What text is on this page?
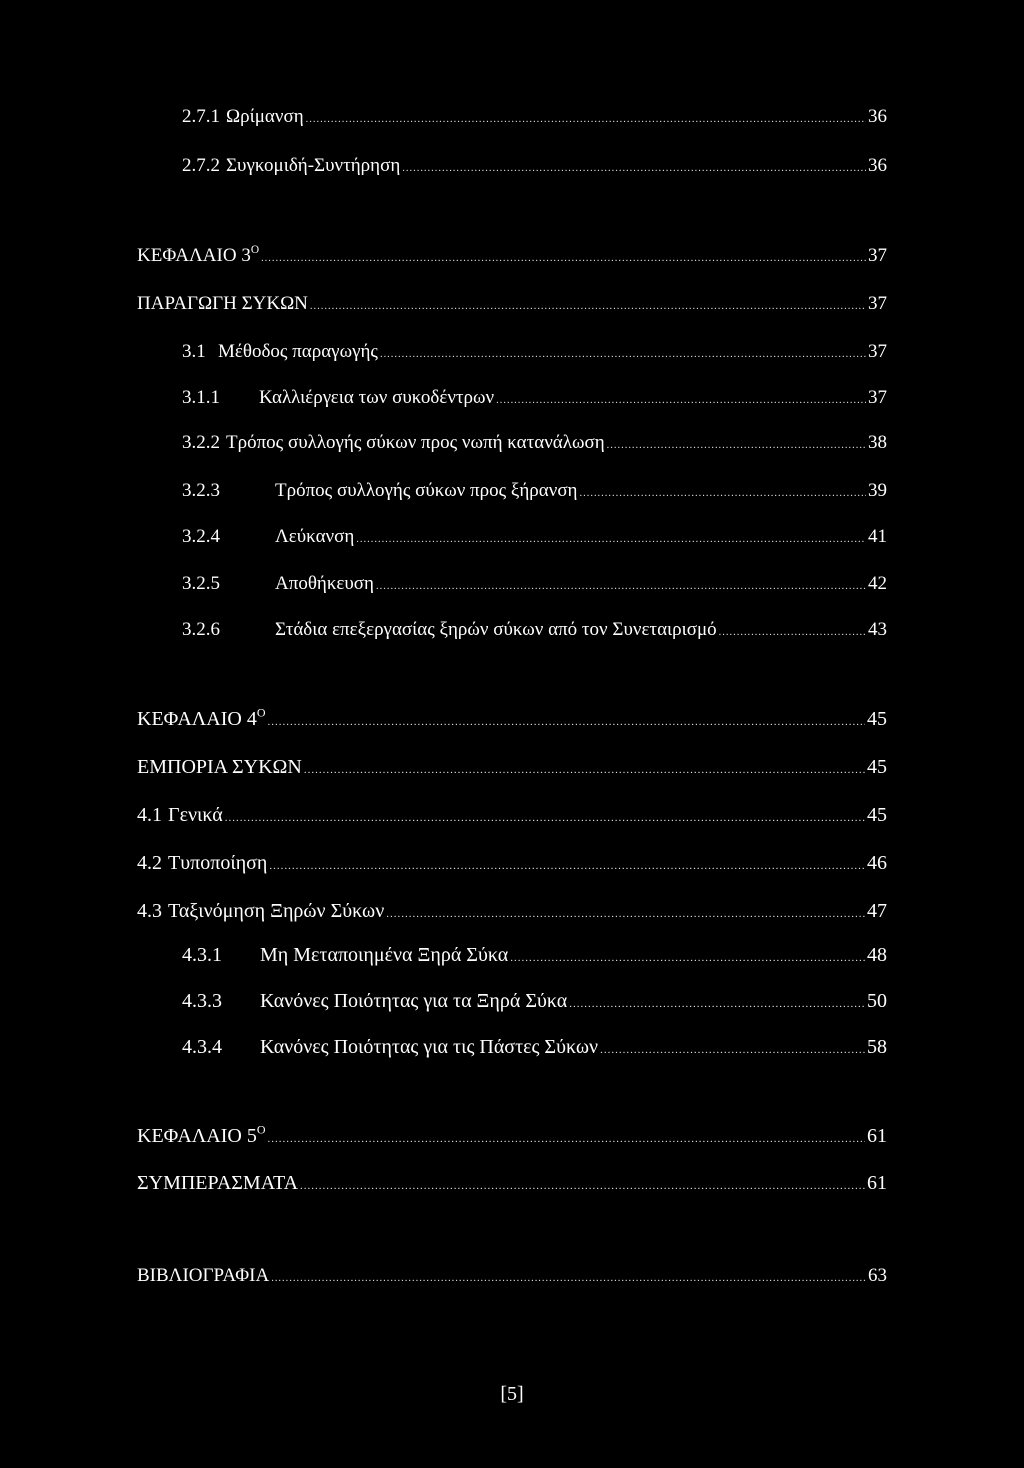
2.7.1 Ωρίμανση .....	36
2.7.2 Συγκομιδή-Συντήρηση .....	36
ΚΕΦΑΛΑΙΟ $3^O$ .....	37
ΠΑΡΑΓΩΓΗ ΣΥΚΩΝ .....	37
3.1 Μέθοδος παραγωγής .....	37
3.1.1	Καλλιέργεια των συκοδέντρων .....	37
3.2.2 Τρόπος συλλογής σύκων προς νωπή κατανάλωση .....	38
3.2.3	Τρόπος συλλογής σύκων προς ξήρανση .....	39
3.2.4	Λεύκανση .....	41
3.2.5	Αποθήκευση .....	42
3.2.6	Στάδια επεξεργασίας ξηρών σύκων από τον Συνεταιρισμό .....	43
ΚΕΦΑΛΑΙΟ $4^O$ .....	45
ΕΜΠΟΡΙΑ ΣΥΚΩΝ .....	45
4.1 Γενικά .....	45
4.2 Τυποποίηση .....	46
4.3 Ταξινόμηση Ξηρών Σύκων .....	47
4.3.1	Μη Μεταποιημένα Ξηρά Σύκα .....	48
4.3.3	Κανόνες Ποιότητας για τα Ξηρά Σύκα .....	50
4.3.4	Κανόνες Ποιότητας για τις Πάστες Σύκων .....	58
ΚΕΦΑΛΑΙΟ $5^O$ .....	61
ΣΥΜΠΕΡΑΣΜΑΤΑ .....	61
ΒΙΒΛΙΟΓΡΑΦΙΑ .....	63
[5]
